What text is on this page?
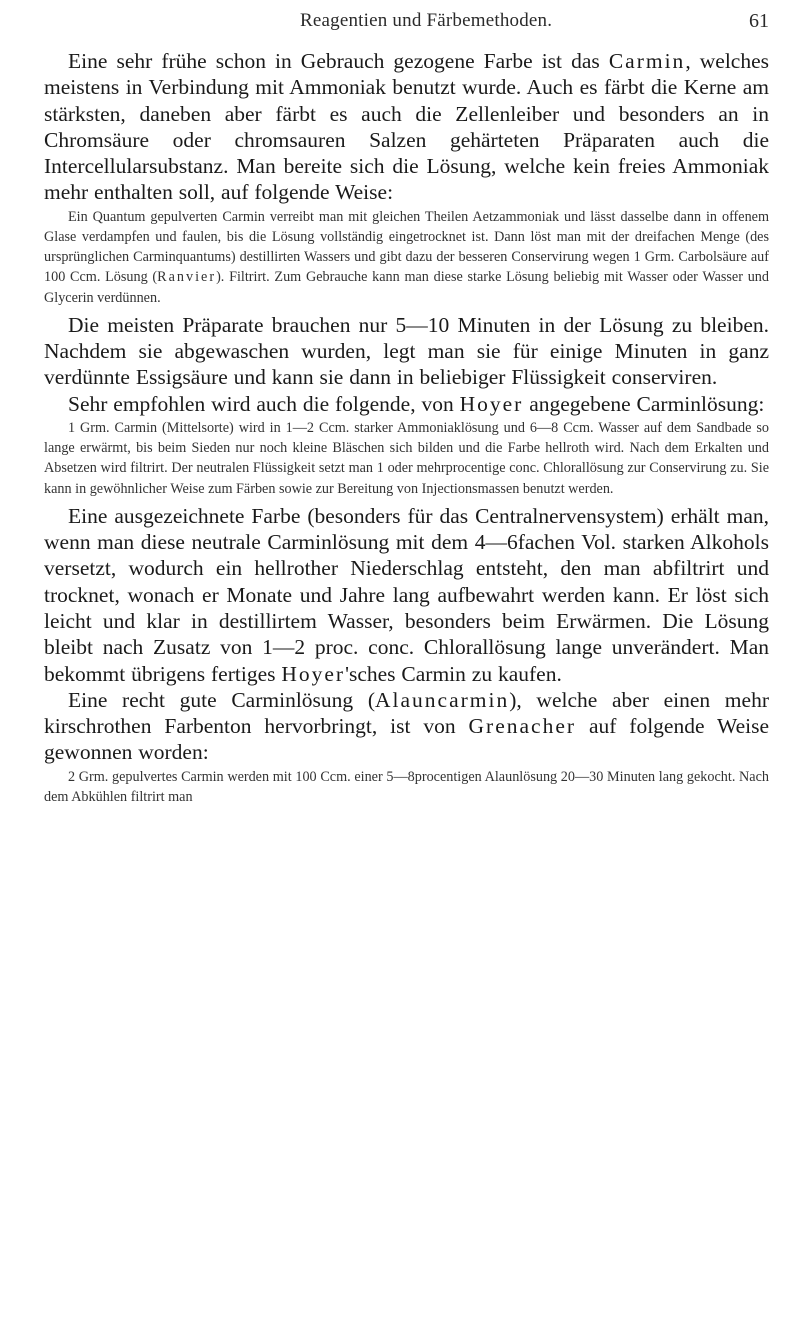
Reagentien und Färbemethoden.	61

Eine sehr frühe schon in Gebrauch gezogene Farbe ist das Carmin, welches meistens in Verbindung mit Ammoniak benutzt wurde. Auch es färbt die Kerne am stärksten, daneben aber färbt es auch die Zellenleiber und besonders an in Chromsäure oder chromsauren Salzen gehärteten Präparaten auch die Intercellularsubstanz. Man bereite sich die Lösung, welche kein freies Ammoniak mehr enthalten soll, auf folgende Weise:

Ein Quantum gepulverten Carmin verreibt man mit gleichen Theilen Aetzammoniak und lässt dasselbe dann in offenem Glase verdampfen und faulen, bis die Lösung vollständig eingetrocknet ist. Dann löst man mit der dreifachen Menge (des ursprünglichen Carminquantums) destillirten Wassers und gibt dazu der besseren Conservirung wegen 1 Grm. Carbolsäure auf 100 Ccm. Lösung (Ranvier). Filtrirt. Zum Gebrauche kann man diese starke Lösung beliebig mit Wasser oder Wasser und Glycerin verdünnen.

Die meisten Präparate brauchen nur 5—10 Minuten in der Lösung zu bleiben. Nachdem sie abgewaschen wurden, legt man sie für einige Minuten in ganz verdünnte Essigsäure und kann sie dann in beliebiger Flüssigkeit conserviren.

Sehr empfohlen wird auch die folgende, von Hoyer angegebene Carminlösung:

1 Grm. Carmin (Mittelsorte) wird in 1—2 Ccm. starker Ammoniaklösung und 6—8 Ccm. Wasser auf dem Sandbade so lange erwärmt, bis beim Sieden nur noch kleine Bläschen sich bilden und die Farbe hellroth wird. Nach dem Erkalten und Absetzen wird filtrirt. Der neutralen Flüssigkeit setzt man 1 oder mehrprocentige conc. Chlorallösung zur Conservirung zu. Sie kann in gewöhnlicher Weise zum Färben sowie zur Bereitung von Injectionsmassen benutzt werden.

Eine ausgezeichnete Farbe (besonders für das Centralnervensystem) erhält man, wenn man diese neutrale Carminlösung mit dem 4—6fachen Vol. starken Alkohols versetzt, wodurch ein hellrother Niederschlag entsteht, den man abfiltrirt und trocknet, wonach er Monate und Jahre lang aufbewahrt werden kann. Er löst sich leicht und klar in destillirtem Wasser, besonders beim Erwärmen. Die Lösung bleibt nach Zusatz von 1—2 proc. conc. Chlorallösung lange unverändert. Man bekommt übrigens fertiges Hoyer'sches Carmin zu kaufen.

Eine recht gute Carminlösung (Alauncarmin), welche aber einen mehr kirschrothen Farbenton hervorbringt, ist von Grenacher auf folgende Weise gewonnen worden:

2 Grm. gepulvertes Carmin werden mit 100 Ccm. einer 5—8procentigen Alaunlösung 20—30 Minuten lang gekocht. Nach dem Abkühlen filtrirt man
